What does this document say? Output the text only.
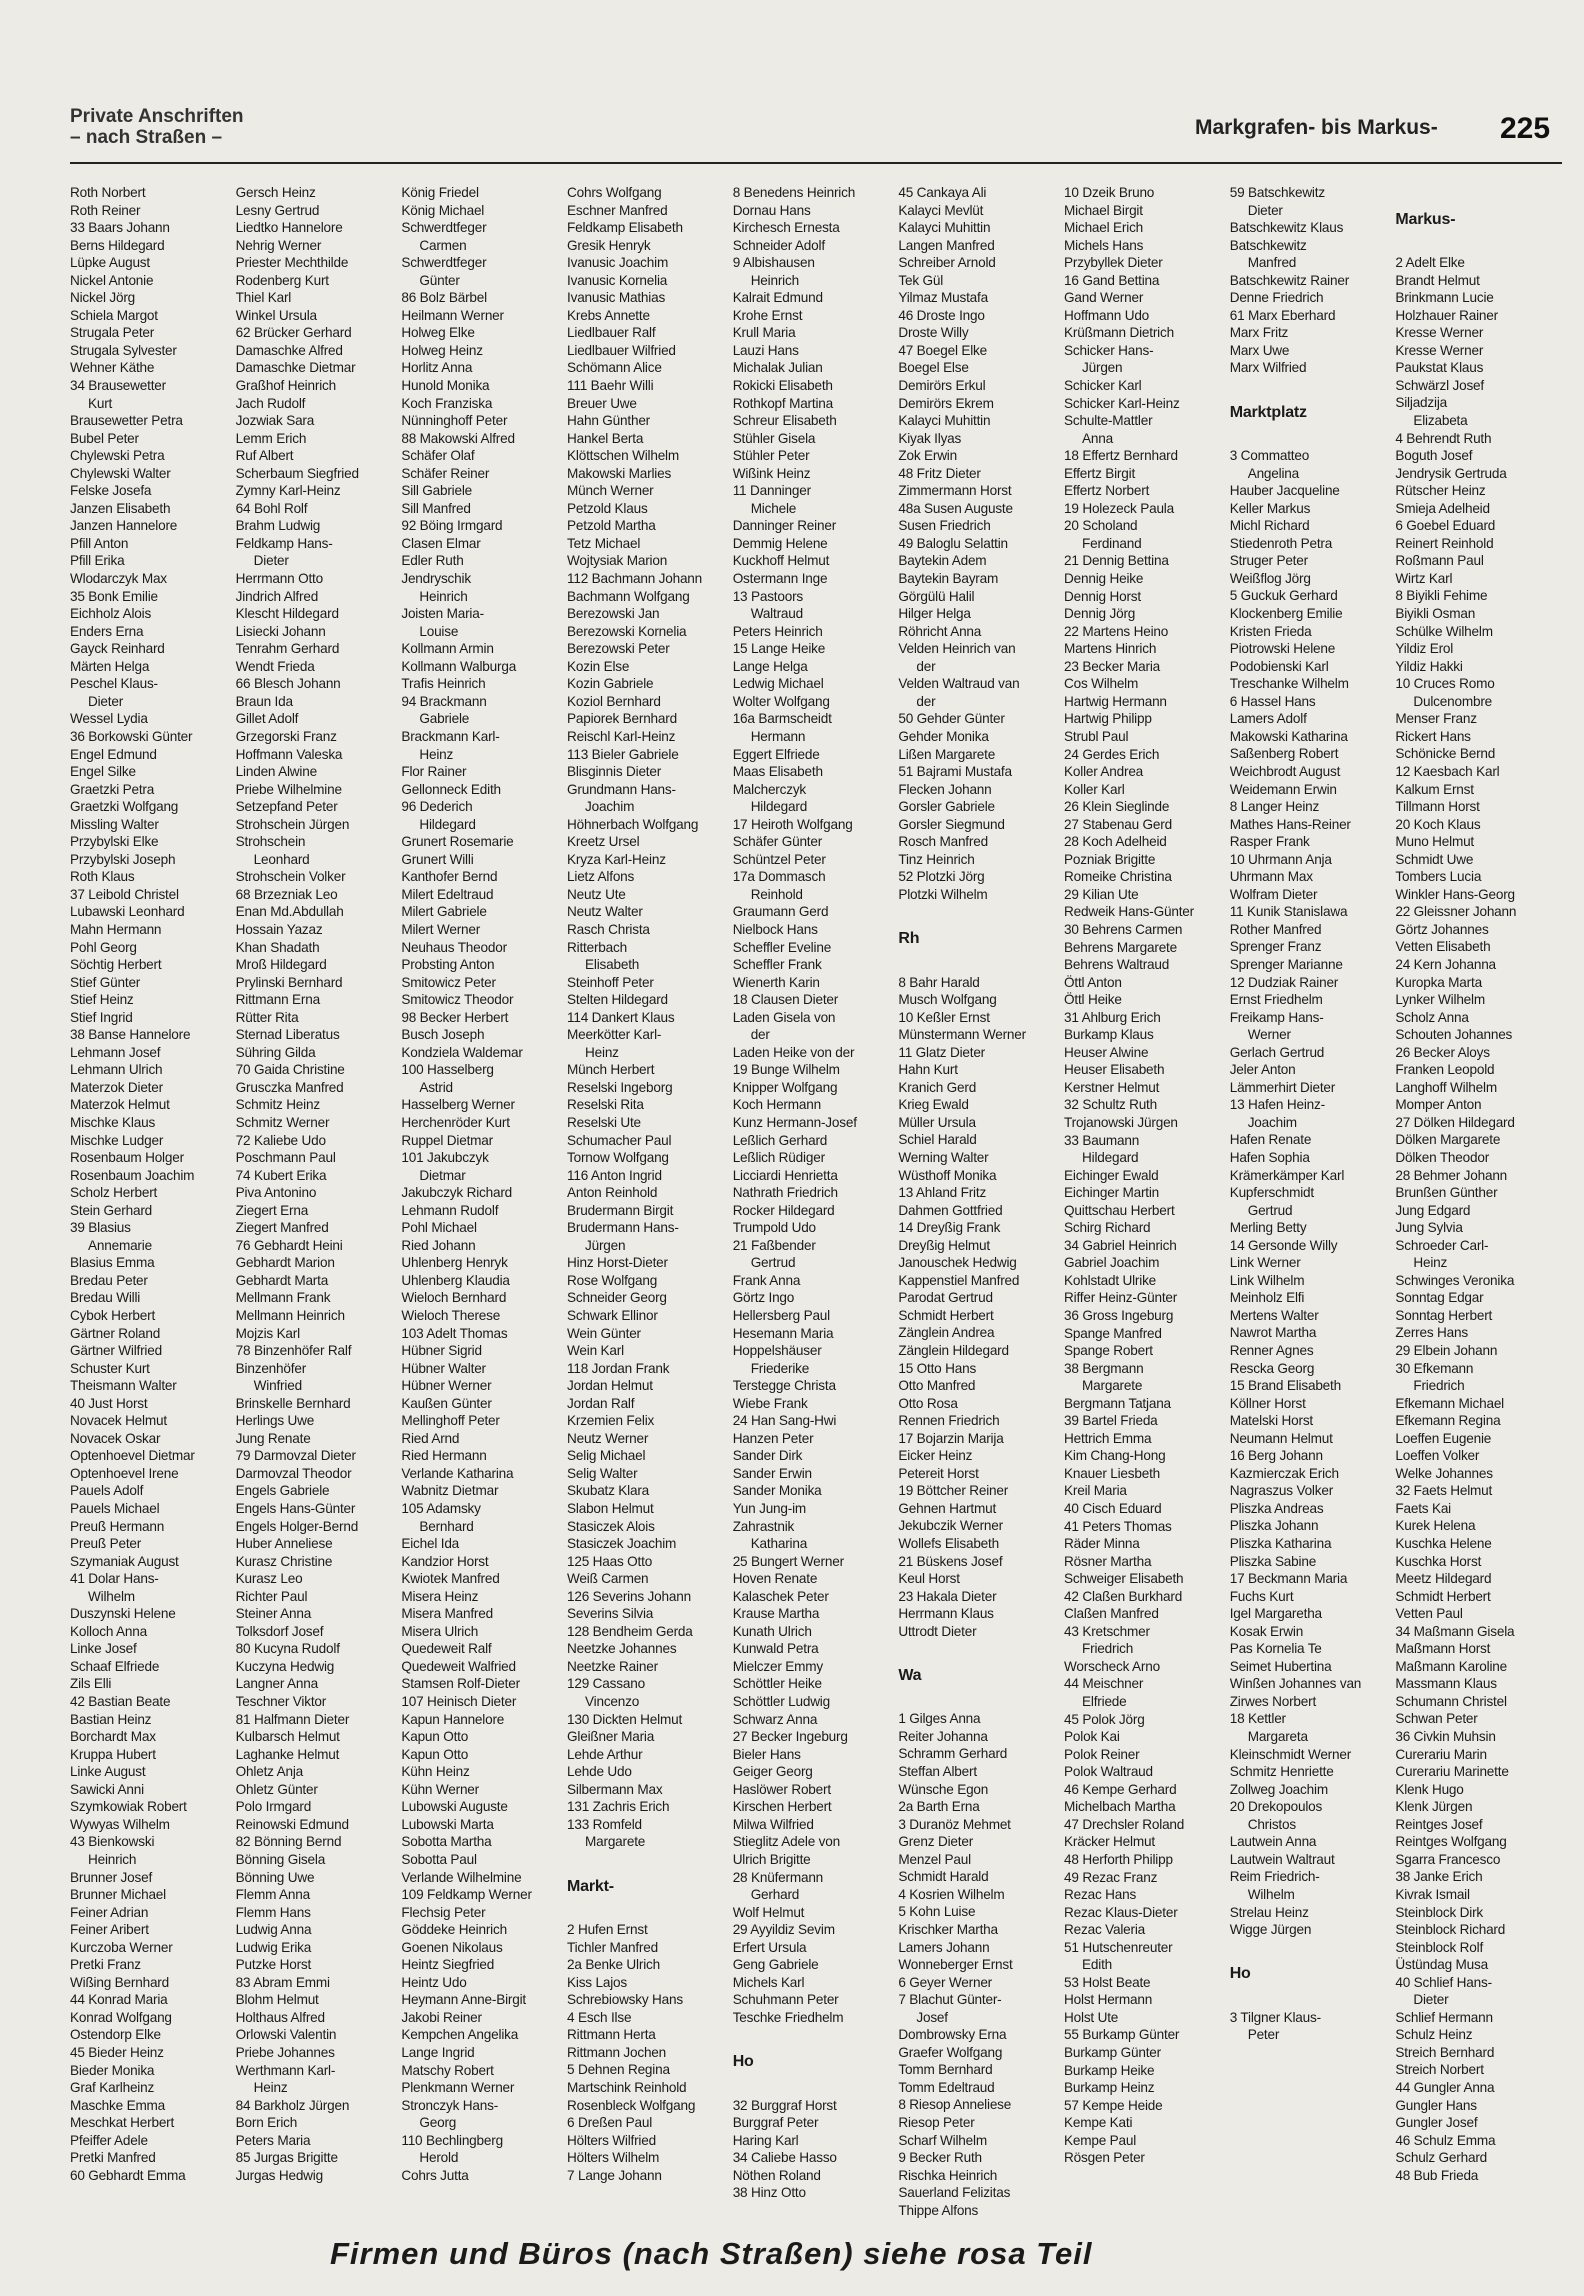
Private Anschriften
– nach Straßen –	Markgrafen- bis Markus- 225
Roth Norbert
Roth Reiner
33 Baars Johann
Berns Hildegard
Lüpke August
Nickel Antonie
Nickel Jörg
Schiela Margot
Strugala Peter
Strugala Sylvester
Wehner Käthe
34 Brausewetter
Kurt
Brausewetter Petra
Bubel Peter
Chylewski Petra
Chylewski Walter
Felske Josefa
Janzen Elisabeth
Janzen Hannelore
Pfill Anton
Pfill Erika
Wlodarczyk Max
35 Bonk Emilie
Eichholz Alois
Enders Erna
Gayck Reinhard
Märten Helga
Peschel Klaus-
Dieter
Wessel Lydia
36 Borkowski Günter
Engel Edmund
Engel Silke
Graetzki Petra
Graetzki Wolfgang
Missling Walter
Przybylski Elke
Przybylski Joseph
Roth Klaus
37 Leibold Christel
Lubawski Leonhard
Mahn Hermann
Pohl Georg
Söchtig Herbert
Stief Günter
Stief Heinz
Stief Ingrid
38 Banse Hannelore
Lehmann Josef
Lehmann Ulrich
Materzok Dieter
Materzok Helmut
Mischke Klaus
Mischke Ludger
Rosenbaum Holger
Rosenbaum Joachim
Scholz Herbert
Stein Gerhard
39 Blasius
Annemarie
Blasius Emma
Bredau Peter
Bredau Willi
Cybok Herbert
Gärtner Roland
Gärtner Wilfried
Schuster Kurt
Theismann Walter
40 Just Horst
Novacek Helmut
Novacek Oskar
Optenhoevel Dietmar
Optenhoevel Irene
Pauels Adolf
Pauels Michael
Preuß Hermann
Preuß Peter
Szymaniak August
41 Dolar Hans-
Wilhelm
Duszynski Helene
Kolloch Anna
Linke Josef
Schaaf Elfriede
Zils Elli
42 Bastian Beate
Bastian Heinz
Borchardt Max
Kruppa Hubert
Linke August
Sawicki Anni
Szymkowiak Robert
Wywyas Wilhelm
43 Bienkowski
Heinrich
Brunner Josef
Brunner Michael
Feiner Adrian
Feiner Aribert
Kurczoba Werner
Pretki Franz
Wißing Bernhard
44 Konrad Maria
Konrad Wolfgang
Ostendorp Elke
45 Bieder Heinz
Bieder Monika
Graf Karlheinz
Maschke Emma
Meschkat Herbert
Pfeiffer Adele
Pretki Manfred
60 Gebhardt Emma
Gersch Heinz
Lesny Gertrud
Liedtko Hannelore
Nehrig Werner
Priester Mechthilde
Rodenberg Kurt
Thiel Karl
Winkel Ursula
62 Brücker Gerhard
Damaschke Alfred
Damaschke Dietmar
Graßhof Heinrich
Jach Rudolf
Jozwiak Sara
Lemm Erich
Ruf Albert
Scherbaum Siegfried
Zymny Karl-Heinz
64 Bohl Rolf
Brahm Ludwig
Feldkamp Hans-
Dieter
Herrmann Otto
Jindrich Alfred
Klescht Hildegard
Lisiecki Johann
Tenrahm Gerhard
Wendt Frieda
66 Blesch Johann
Braun Ida
Gillet Adolf
Grzegorski Franz
Hoffmann Valeska
Linden Alwine
Priebe Wilhelmine
Setzepfand Peter
Strohschein Jürgen
Strohschein
Leonhard
Strohschein Volker
68 Brzezniak Leo
Enan Md.Abdullah
Hossain Yazaz
Khan Shadath
Mroß Hildegard
Prylinski Bernhard
Rittmann Erna
Rütter Rita
Sternad Liberatus
Sühring Gilda
70 Gaida Christine
Grusczka Manfred
Schmitz Heinz
Schmitz Werner
72 Kaliebe Udo
Poschmann Paul
74 Kubert Erika
Piva Antonino
Ziegert Erna
Ziegert Manfred
76 Gebhardt Heini
Gebhardt Marion
Gebhardt Marta
Mellmann Frank
Mellmann Heinrich
Mojzis Karl
78 Binzenhöfer Ralf
Binzenhöfer
Winfried
Brinskelle Bernhard
Herlings Uwe
Jung Renate
79 Darmovzal Dieter
Darmovzal Theodor
Engels Gabriele
Engels Hans-Günter
Engels Holger-Bernd
Huber Anneliese
Kurasz Christine
Kurasz Leo
Richter Paul
Steiner Anna
Tolksdorf Josef
80 Kucyna Rudolf
Kuczyna Hedwig
Langner Anna
Teschner Viktor
81 Halfmann Dieter
Kulbarsch Helmut
Laghanke Helmut
Ohletz Anja
Ohletz Günter
Polo Irmgard
Reinowski Edmund
82 Bönning Bernd
Bönning Gisela
Bönning Uwe
Flemm Anna
Flemm Hans
Ludwig Anna
Ludwig Erika
Putzke Horst
83 Abram Emmi
Blohm Helmut
Holthaus Alfred
Orlowski Valentin
Priebe Johannes
Werthmann Karl-
Heinz
84 Barkholz Jürgen
Born Erich
Peters Maria
85 Jurgas Brigitte
Jurgas Hedwig
König Friedel
König Michael
Schwerdtfeger
Carmen
Schwerdtfeger
Günter
86 Bolz Bärbel
Heilmann Werner
Holweg Elke
Holweg Heinz
Horlitz Anna
Hunold Monika
Koch Franziska
Nünninghoff Peter
88 Makowski Alfred
Schäfer Olaf
Schäfer Reiner
Sill Gabriele
Sill Manfred
92 Böing Irmgard
Clasen Elmar
Edler Ruth
Jendryschik
Heinrich
Joisten Maria-
Louise
Kollmann Armin
Kollmann Walburga
Trafis Heinrich
94 Brackmann
Gabriele
Brackmann Karl-
Heinz
Flor Rainer
Gellonneck Edith
96 Dederich
Hildegard
Grunert Rosemarie
Grunert Willi
Kanthofer Bernd
Milert Edeltraud
Milert Gabriele
Milert Werner
Neuhaus Theodor
Probsting Anton
Smitowicz Peter
Smitowicz Theodor
98 Becker Herbert
Busch Joseph
Kondziela Waldemar
100 Hasselberg
Astrid
Hasselberg Werner
Herchenröder Kurt
Ruppel Dietmar
101 Jakubczyk
Dietmar
Jakubczyk Richard
Lehmann Rudolf
Pohl Michael
Ried Johann
Uhlenberg Henryk
Uhlenberg Klaudia
Wieloch Bernhard
Wieloch Therese
103 Adelt Thomas
Hübner Sigrid
Hübner Walter
Hübner Werner
Kaußen Günter
Mellinghoff Peter
Ried Arnd
Ried Hermann
Verlande Katharina
Wabnitz Dietmar
105 Adamsky
Bernhard
Eichel Ida
Kandzior Horst
Kwiotek Manfred
Misera Heinz
Misera Manfred
Misera Ulrich
Quedeweit Ralf
Quedeweit Walfried
Stamsen Rolf-Dieter
107 Heinisch Dieter
Kapun Hannelore
Kapun Otto
Kapun Otto
Kühn Heinz
Kühn Werner
Lubowski Auguste
Lubowski Marta
Sobotta Martha
Sobotta Paul
Verlande Wilhelmine
109 Feldkamp Werner
Flechsig Peter
Göddeke Heinrich
Goenen Nikolaus
Heintz Siegfried
Heintz Udo
Heymann Anne-Birgit
Jakobi Reiner
Kempchen Angelika
Lange Ingrid
Matschy Robert
Plenkmann Werner
Stronczyk Hans-
Georg
110 Bechlingberg
Herold
Cohrs Jutta
Cohrs Wolfgang
Eschner Manfred
Feldkamp Elisabeth
Gresik Henryk
Ivanusic Joachim
Ivanusic Kornelia
Ivanusic Mathias
Krebs Annette
Liedlbauer Ralf
Liedlbauer Wilfried
Schömann Alice
111 Baehr Willi
Breuer Uwe
Hahn Günther
Hankel Berta
Klöttschen Wilhelm
Makowski Marlies
Münch Werner
Petzold Klaus
Petzold Martha
Tetz Michael
Wojtysiak Marion
112 Bachmann Johann
Bachmann Wolfgang
Berezowski Jan
Berezowski Kornelia
Berezowski Peter
Kozin Else
Kozin Gabriele
Koziol Bernhard
Papiorek Bernhard
Reischl Karl-Heinz
113 Bieler Gabriele
Blisginnis Dieter
Grundmann Hans-
Joachim
Höhnerbach Wolfgang
Kreetz Ursel
Kryza Karl-Heinz
Lietz Alfons
Neutz Ute
Neutz Walter
Rasch Christa
Ritterbach
Elisabeth
Steinhoff Peter
Stelten Hildegard
114 Dankert Klaus
Meerkötter Karl-
Heinz
Münch Herbert
Reselski Ingeborg
Reselski Rita
Reselski Ute
Schumacher Paul
Tornow Wolfgang
116 Anton Ingrid
Anton Reinhold
Brudermann Birgit
Brudermann Hans-
Jürgen
Hinz Horst-Dieter
Rose Wolfgang
Schneider Georg
Schwark Ellinor
Wein Günter
Wein Karl
118 Jordan Frank
Jordan Helmut
Jordan Ralf
Krzemien Felix
Neutz Werner
Selig Michael
Selig Walter
Skubatz Klara
Slabon Helmut
Stasiczek Alois
Stasiczek Joachim
125 Haas Otto
Weiß Carmen
126 Severins Johann
Severins Silvia
128 Bendheim Gerda
Neetzke Johannes
Neetzke Rainer
129 Cassano
Vincenzo
130 Dickten Helmut
Gleißner Maria
Lehde Arthur
Lehde Udo
Silbermann Max
131 Zachris Erich
133 Romfeld
Margarete
Markt-
2 Hufen Ernst
Tichler Manfred
2a Benke Ulrich
Kiss Lajos
Schrebiowsky Hans
4 Esch Ilse
Rittmann Herta
Rittmann Jochen
5 Dehnen Regina
Martschink Reinhold
Rosenbleck Wolfgang
6 Dreßen Paul
Hölters Wilfried
Hölters Wilhelm
7 Lange Johann
8 Benedens Heinrich
Dornau Hans
Kirchesch Ernesta
Schneider Adolf
9 Albishausen
Heinrich
Kalrait Edmund
Krohe Ernst
Krull Maria
Lauzi Hans
Michalak Julian
Rokicki Elisabeth
Rothkopf Martina
Schreur Elisabeth
Stühler Gisela
Stühler Peter
Wißink Heinz
11 Danninger
Michele
Danninger Reiner
Demmig Helene
Kuckhoff Helmut
Ostermann Inge
13 Pastoors
Waltraud
Peters Heinrich
15 Lange Heike
Lange Helga
Ledwig Michael
Wolter Wolfgang
16a Barmscheidt
Hermann
Eggert Elfriede
Maas Elisabeth
Malcherczyk
Hildegard
17 Heiroth Wolfgang
Schäfer Günter
Schüntzel Peter
17a Dommasch
Reinhold
Graumann Gerd
Nielbock Hans
Scheffler Eveline
Scheffler Frank
Wienerth Karin
18 Clausen Dieter
Laden Gisela von
der
Laden Heike von der
19 Bunge Wilhelm
Knipper Wolfgang
Koch Hermann
Kunz Hermann-Josef
Leßlich Gerhard
Leßlich Rüdiger
Licciardi Henrietta
Nathrath Friedrich
Rocker Hildegard
Trumpold Udo
21 Faßbender
Gertrud
Frank Anna
Görtz Ingo
Hellersberg Paul
Hesemann Maria
Hoppelshäuser
Friederike
Terstegge Christa
Wiebe Frank
24 Han Sang-Hwi
Hanzen Peter
Sander Dirk
Sander Erwin
Sander Monika
Yun Jung-im
Zahrastnik
Katharina
25 Bungert Werner
Hoven Renate
Kalaschek Peter
Krause Martha
Kunath Ulrich
Kunwald Petra
Mielczer Emmy
Schöttler Heike
Schöttler Ludwig
Schwarz Anna
27 Becker Ingeburg
Bieler Hans
Geiger Georg
Haslöwer Robert
Kirschen Herbert
Milwa Wilfried
Stieglitz Adele von
Ulrich Brigitte
28 Knüfermann
Gerhard
Wolf Helmut
29 Ayyildiz Sevim
Erfert Ursula
Geng Gabriele
Michels Karl
Schuhmann Peter
Teschke Friedhelm
Ho
32 Burggraf Horst
Burggraf Peter
Haring Karl
34 Caliebe Hasso
Nöthen Roland
38 Hinz Otto
45 Cankaya Ali
Kalayci Mevlüt
Kalayci Muhittin
Langen Manfred
Schreiber Arnold
Tek Gül
Yilmaz Mustafa
46 Droste Ingo
Droste Willy
47 Boegel Elke
Boegel Else
Demirörs Erkul
Demirörs Ekrem
Kalayci Muhittin
Kiyak Ilyas
Zok Erwin
48 Fritz Dieter
Zimmermann Horst
48a Susen Auguste
Susen Friedrich
49 Baloglu Selattin
Baytekin Adem
Baytekin Bayram
Görgülü Halil
Hilger Helga
Röhricht Anna
Velden Heinrich van
der
Velden Waltraud van
der
50 Gehder Günter
Gehder Monika
Lißen Margarete
51 Bajrami Mustafa
Flecken Johann
Gorsler Gabriele
Gorsler Siegmund
Rosch Manfred
Tinz Heinrich
52 Plotzki Jörg
Plotzki Wilhelm
Rh
8 Bahr Harald
Musch Wolfgang
10 Keßler Ernst
Münstermann Werner
11 Glatz Dieter
Hahn Kurt
Kranich Gerd
Krieg Ewald
Müller Ursula
Schiel Harald
Werning Walter
Wüsthoff Monika
13 Ahland Fritz
Dahmen Gottfried
14 Dreyßig Frank
Dreyßig Helmut
Janouschek Hedwig
Kappenstiel Manfred
Parodat Gertrud
Schmidt Herbert
Zänglein Andrea
Zänglein Hildegard
15 Otto Hans
Otto Manfred
Otto Rosa
Rennen Friedrich
17 Bojarzin Marija
Eicker Heinz
Petereit Horst
19 Böttcher Reiner
Gehnen Hartmut
Jekubczik Werner
Wollefs Elisabeth
21 Büskens Josef
Keul Horst
23 Hakala Dieter
Herrmann Klaus
Uttrodt Dieter
Wa
1 Gilges Anna
Reiter Johanna
Schramm Gerhard
Steffan Albert
Wünsche Egon
2a Barth Erna
3 Duranöz Mehmet
Grenz Dieter
Menzel Paul
Schmidt Harald
4 Kosrien Wilhelm
5 Kohn Luise
Krischker Martha
Lamers Johann
Wonneberger Ernst
6 Geyer Werner
7 Blachut Günter-
Josef
Dombrowsky Erna
Graefer Wolfgang
Tomm Bernhard
Tomm Edeltraud
8 Riesop Anneliese
Riesop Peter
Scharf Wilhelm
9 Becker Ruth
Rischka Heinrich
Sauerland Felizitas
Thippe Alfons
10 Dzeik Bruno
Michael Birgit
Michael Erich
Michels Hans
Przybyllek Dieter
16 Gand Bettina
Gand Werner
Hoffmann Udo
Krüßmann Dietrich
Schicker Hans-
Jürgen
Schicker Karl
Schicker Karl-Heinz
Schulte-Mattler
Anna
18 Effertz Bernhard
Effertz Birgit
Effertz Norbert
19 Holezeck Paula
20 Scholand
Ferdinand
21 Dennig Bettina
Dennig Heike
Dennig Horst
Dennig Jörg
22 Martens Heino
Martens Hinrich
23 Becker Maria
Cos Wilhelm
Hartwig Hermann
Hartwig Philipp
Strubl Paul
24 Gerdes Erich
Koller Andrea
Koller Karl
26 Klein Sieglinde
27 Stabenau Gerd
28 Koch Adelheid
Pozniak Brigitte
Romeike Christina
29 Kilian Ute
Redweik Hans-Günter
30 Behrens Carmen
Behrens Margarete
Behrens Waltraud
Öttl Anton
Öttl Heike
31 Ahlburg Erich
Burkamp Klaus
Heuser Alwine
Heuser Elisabeth
Kerstner Helmut
32 Schultz Ruth
Trojanowski Jürgen
33 Baumann
Hildegard
Eichinger Ewald
Eichinger Martin
Quittschau Herbert
Schirg Richard
34 Gabriel Heinrich
Gabriel Joachim
Kohlstadt Ulrike
Riffer Heinz-Günter
36 Gross Ingeburg
Spange Manfred
Spange Robert
38 Bergmann
Margarete
Bergmann Tatjana
39 Bartel Frieda
Hettrich Emma
Kim Chang-Hong
Knauer Liesbeth
Kreil Maria
40 Cisch Eduard
41 Peters Thomas
Räder Minna
Rösner Martha
Schweiger Elisabeth
42 Claßen Burkhard
Claßen Manfred
43 Kretschmer
Friedrich
Worscheck Arno
44 Meischner
Elfriede
45 Polok Jörg
Polok Kai
Polok Reiner
Polok Waltraud
46 Kempe Gerhard
Michelbach Martha
47 Drechsler Roland
Kräcker Helmut
48 Herforth Philipp
49 Rezac Franz
Rezac Hans
Rezac Klaus-Dieter
Rezac Valeria
51 Hutschenreuter
Edith
53 Holst Beate
Holst Hermann
Holst Ute
55 Burkamp Günter
Burkamp Günter
Burkamp Heike
Burkamp Heinz
57 Kempe Heide
Kempe Kati
Kempe Paul
Rösgen Peter
59 Batschkewitz
Dieter
Batschkewitz Klaus
Batschkewitz
Manfred
Batschkewitz Rainer
Denne Friedrich
61 Marx Eberhard
Marx Fritz
Marx Uwe
Marx Wilfried
Marktplatz
3 Commatteo
Angelina
Hauber Jacqueline
Keller Markus
Michl Richard
Stiedenroth Petra
Struger Peter
Weißflog Jörg
5 Guckuk Gerhard
Klockenberg Emilie
Kristen Frieda
Piotrowski Helene
Podobienski Karl
Treschanke Wilhelm
6 Hassel Hans
Lamers Adolf
Makowski Katharina
Saßenberg Robert
Weichbrodt August
Weidemann Erwin
8 Langer Heinz
Mathes Hans-Reiner
Rasper Frank
10 Uhrmann Anja
Uhrmann Max
Wolfram Dieter
11 Kunik Stanislawa
Rother Manfred
Sprenger Franz
Sprenger Marianne
12 Dudziak Rainer
Ernst Friedhelm
Freikamp Hans-
Werner
Gerlach Gertrud
Jeler Anton
Lämmerhirt Dieter
13 Hafen Heinz-
Joachim
Hafen Renate
Hafen Sophia
Krämerkämper Karl
Kupferschmidt
Gertrud
Merling Betty
14 Gersonde Willy
Link Werner
Link Wilhelm
Meinholz Elfi
Mertens Walter
Nawrot Martha
Renner Agnes
Rescka Georg
15 Brand Elisabeth
Köllner Horst
Matelski Horst
Neumann Helmut
16 Berg Johann
Kazmierczak Erich
Nagraszus Volker
Pliszka Andreas
Pliszka Johann
Pliszka Katharina
Pliszka Sabine
17 Beckmann Maria
Fuchs Kurt
Igel Margaretha
Kosak Erwin
Pas Kornelia Te
Seimet Hubertina
Winßen Johannes van
Zirwes Norbert
18 Kettler
Margareta
Kleinschmidt Werner
Schmitz Henriette
Zollweg Joachim
20 Drekopoulos
Christos
Lautwein Anna
Lautwein Waltraut
Reim Friedrich-
Wilhelm
Strelau Heinz
Wigge Jürgen
Ho
3 Tilgner Klaus-
Peter
Markus-
2 Adelt Elke
Brandt Helmut
Brinkmann Lucie
Holzhauer Rainer
Kresse Werner
Kresse Werner
Paukstat Klaus
Schwärzl Josef
Siljadzija
Elizabeta
4 Behrendt Ruth
Boguth Josef
Jendrysik Gertruda
Rütscher Heinz
Smieja Adelheid
6 Goebel Eduard
Reinert Reinhold
Roßmann Paul
Wirtz Karl
8 Biyikli Fehime
Biyikli Osman
Schülke Wilhelm
Yildiz Erol
Yildiz Hakki
10 Cruces Romo
Dulcenombre
Menser Franz
Rickert Hans
Schönicke Bernd
12 Kaesbach Karl
Kalkum Ernst
Tillmann Horst
20 Koch Klaus
Muno Helmut
Schmidt Uwe
Tombers Lucia
Winkler Hans-Georg
22 Gleissner Johann
Görtz Johannes
Vetten Elisabeth
24 Kern Johanna
Kuropka Marta
Lynker Wilhelm
Scholz Anna
Schouten Johannes
26 Becker Aloys
Franken Leopold
Langhoff Wilhelm
Momper Anton
27 Dölken Hildegard
Dölken Margarete
Dölken Theodor
28 Behmer Johann
Brunßen Günther
Jung Edgard
Jung Sylvia
Schroeder Carl-
Heinz
Schwinges Veronika
Sonntag Edgar
Sonntag Herbert
Zerres Hans
29 Elbein Johann
30 Efkemann
Friedrich
Efkemann Michael
Efkemann Regina
Loeffen Eugenie
Loeffen Volker
Welke Johannes
32 Faets Helmut
Faets Kai
Kurek Helena
Kuschka Helene
Kuschka Horst
Meetz Hildegard
Schmidt Herbert
Vetten Paul
34 Maßmann Gisela
Maßmann Horst
Maßmann Karoline
Massmann Klaus
Schumann Christel
Schwan Peter
36 Civkin Muhsin
Curerariu Marin
Curerariu Marinette
Klenk Hugo
Klenk Jürgen
Reintges Josef
Reintges Wolfgang
Sgarra Francesco
38 Janke Erich
Kivrak Ismail
Steinblock Dirk
Steinblock Richard
Steinblock Rolf
Üstündag Musa
40 Schlief Hans-
Dieter
Schlief Hermann
Schulz Heinz
Streich Bernhard
Streich Norbert
44 Gungler Anna
Gungler Hans
Gungler Josef
46 Schulz Emma
Schulz Gerhard
48 Bub Frieda
Firmen und Büros (nach Straßen) siehe rosa Teil
